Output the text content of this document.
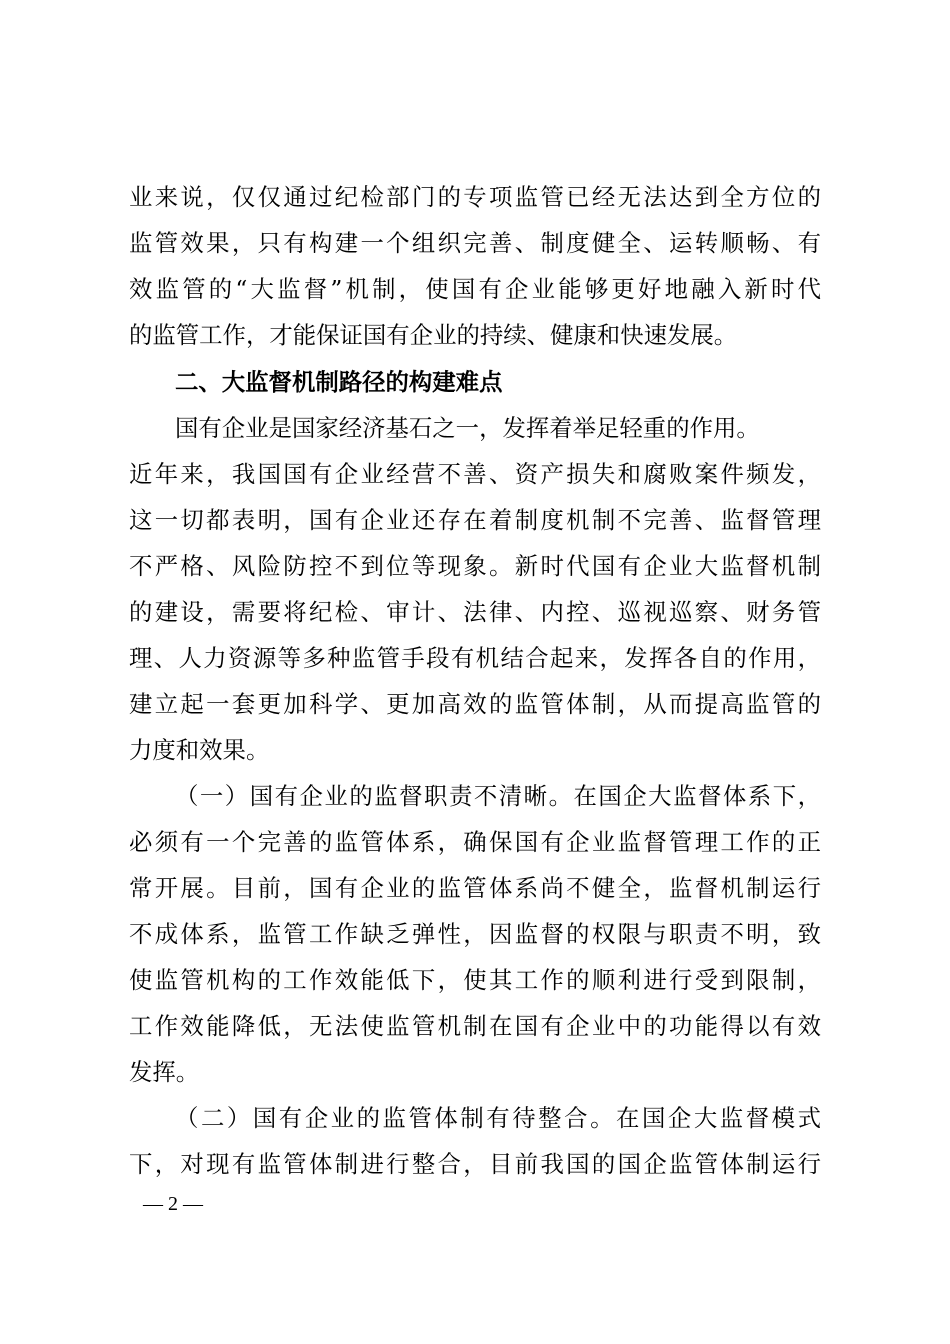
业来说，仅仅通过纪检部门的专项监管已经无法达到全方位的
监管效果，只有构建一个组织完善、制度健全、运转顺畅、有
效监管的“大监督”机制，使国有企业能够更好地融入新时代
的监管工作，才能保证国有企业的持续、健康和快速发展。
二、大监督机制路径的构建难点
国有企业是国家经济基石之一，发挥着举足轻重的作用。
近年来，我国国有企业经营不善、资产损失和腐败案件频发，
这一切都表明，国有企业还存在着制度机制不完善、监督管理
不严格、风险防控不到位等现象。新时代国有企业大监督机制
的建设，需要将纪检、审计、法律、内控、巡视巡察、财务管
理、人力资源等多种监管手段有机结合起来，发挥各自的作用，
建立起一套更加科学、更加高效的监管体制，从而提高监管的
力度和效果。
（一）国有企业的监督职责不清晰。在国企大监督体系下，
必须有一个完善的监管体系，确保国有企业监督管理工作的正
常开展。目前，国有企业的监管体系尚不健全，监督机制运行
不成体系，监管工作缺乏弹性，因监督的权限与职责不明，致
使监管机构的工作效能低下，使其工作的顺利进行受到限制，
工作效能降低，无法使监管机制在国有企业中的功能得以有效
发挥。
（二）国有企业的监管体制有待整合。在国企大监督模式
下，对现有监管体制进行整合，目前我国的国企监管体制运行
— 2 —
